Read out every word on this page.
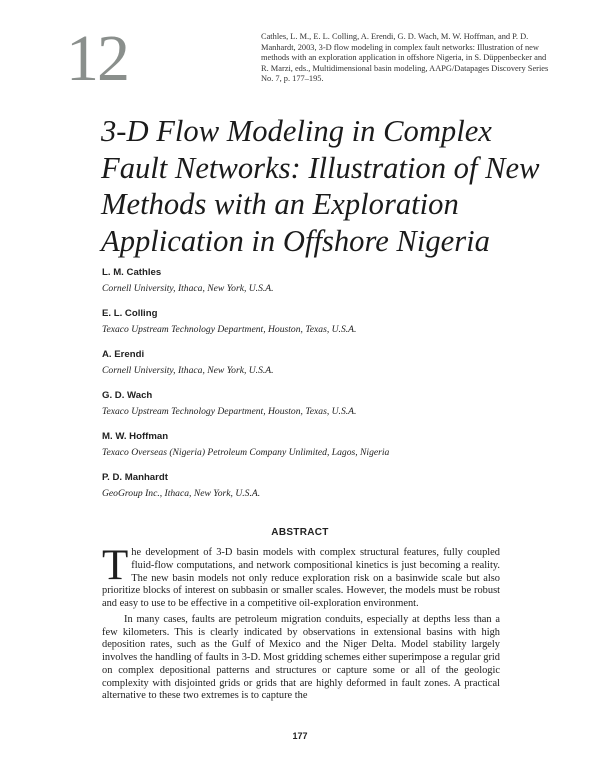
12	Cathles, L. M., E. L. Colling, A. Erendi, G. D. Wach, M. W. Hoffman, and P. D. Manhardt, 2003, 3-D flow modeling in complex fault networks: Illustration of new methods with an exploration application in offshore Nigeria, in S. Düppenbecker and R. Marzi, eds., Multidimensional basin modeling, AAPG/Datapages Discovery Series No. 7, p. 177–195.
3-D Flow Modeling in Complex Fault Networks: Illustration of New Methods with an Exploration Application in Offshore Nigeria
L. M. Cathles
Cornell University, Ithaca, New York, U.S.A.
E. L. Colling
Texaco Upstream Technology Department, Houston, Texas, U.S.A.
A. Erendi
Cornell University, Ithaca, New York, U.S.A.
G. D. Wach
Texaco Upstream Technology Department, Houston, Texas, U.S.A.
M. W. Hoffman
Texaco Overseas (Nigeria) Petroleum Company Unlimited, Lagos, Nigeria
P. D. Manhardt
GeoGroup Inc., Ithaca, New York, U.S.A.
ABSTRACT

The development of 3-D basin models with complex structural features, fully coupled fluid-flow computations, and network compositional kinetics is just becoming a reality. The new basin models not only reduce exploration risk on a basinwide scale but also prioritize blocks of interest on subbasin or smaller scales. However, the models must be robust and easy to use to be effective in a competitive oil-exploration environment.

In many cases, faults are petroleum migration conduits, especially at depths less than a few kilometers. This is clearly indicated by observations in extensional basins with high deposition rates, such as the Gulf of Mexico and the Niger Delta. Model stability largely involves the handling of faults in 3-D. Most gridding schemes either superimpose a regular grid on complex depositional patterns and structures or capture some or all of the geologic complexity with disjointed grids or grids that are highly deformed in fault zones. A practical alternative to these two extremes is to capture the

177
